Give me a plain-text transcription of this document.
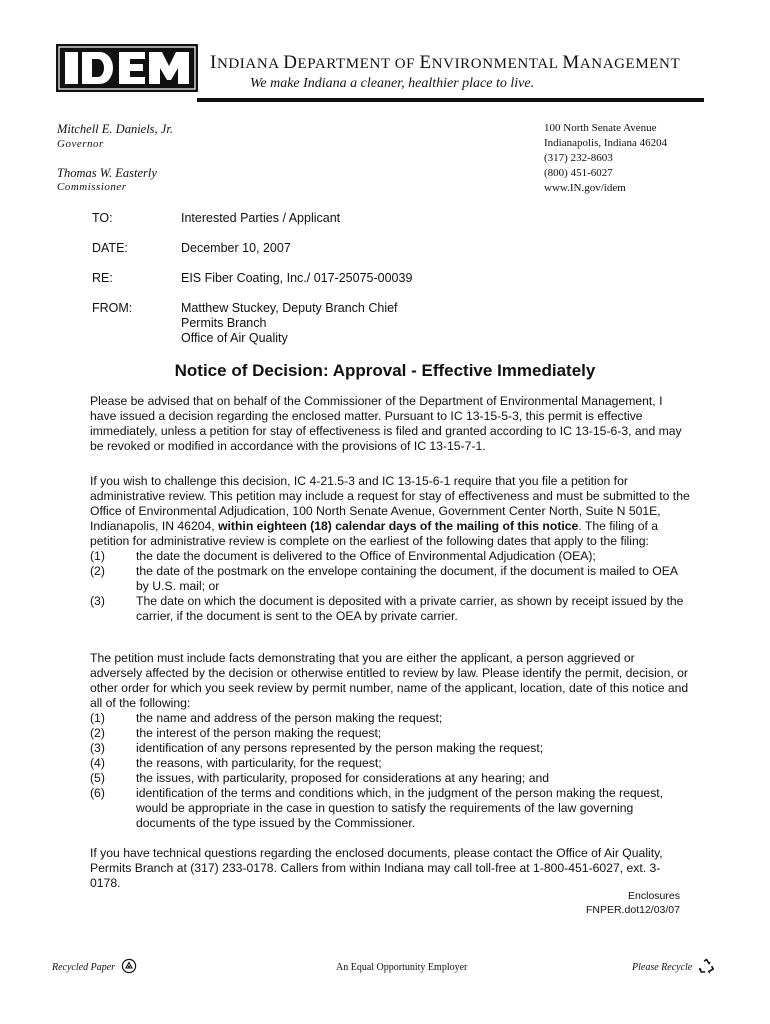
INDIANA DEPARTMENT OF ENVIRONMENTAL MANAGEMENT
We make Indiana a cleaner, healthier place to live.
Mitchell E. Daniels, Jr.
Governor
Thomas W. Easterly
Commissioner
100 North Senate Avenue
Indianapolis, Indiana 46204
(317) 232-8603
(800) 451-6027
www.IN.gov/idem
TO:	Interested Parties / Applicant
DATE:	December 10, 2007
RE:	EIS Fiber Coating, Inc./ 017-25075-00039
FROM:	Matthew Stuckey, Deputy Branch Chief
Permits Branch
Office of Air Quality
Notice of Decision: Approval - Effective Immediately

Please be advised that on behalf of the Commissioner of the Department of Environmental Management, I have issued a decision regarding the enclosed matter. Pursuant to IC 13-15-5-3, this permit is effective immediately, unless a petition for stay of effectiveness is filed and granted according to IC 13-15-6-3, and may be revoked or modified in accordance with the provisions of IC 13-15-7-1.

If you wish to challenge this decision, IC 4-21.5-3 and IC 13-15-6-1 require that you file a petition for administrative review. This petition may include a request for stay of effectiveness and must be submitted to the Office of Environmental Adjudication, 100 North Senate Avenue, Government Center North, Suite N 501E, Indianapolis, IN 46204, within eighteen (18) calendar days of the mailing of this notice. The filing of a petition for administrative review is complete on the earliest of the following dates that apply to the filing:

(1)	the date the document is delivered to the Office of Environmental Adjudication (OEA);
(2)	the date of the postmark on the envelope containing the document, if the document is mailed to OEA by U.S. mail; or
(3)	The date on which the document is deposited with a private carrier, as shown by receipt issued by the carrier, if the document is sent to the OEA by private carrier.

The petition must include facts demonstrating that you are either the applicant, a person aggrieved or adversely affected by the decision or otherwise entitled to review by law. Please identify the permit, decision, or other order for which you seek review by permit number, name of the applicant, location, date of this notice and all of the following:

(1)	the name and address of the person making the request;
(2)	the interest of the person making the request;
(3)	identification of any persons represented by the person making the request;
(4)	the reasons, with particularity, for the request;
(5)	the issues, with particularity, proposed for considerations at any hearing; and
(6)	identification of the terms and conditions which, in the judgment of the person making the request, would be appropriate in the case in question to satisfy the requirements of the law governing documents of the type issued by the Commissioner.

If you have technical questions regarding the enclosed documents, please contact the Office of Air Quality, Permits Branch at (317) 233-0178. Callers from within Indiana may call toll-free at 1-800-451-6027, ext. 3-0178.

Enclosures
FNPER.dot12/03/07
Recycled Paper	An Equal Opportunity Employer	Please Recycle
